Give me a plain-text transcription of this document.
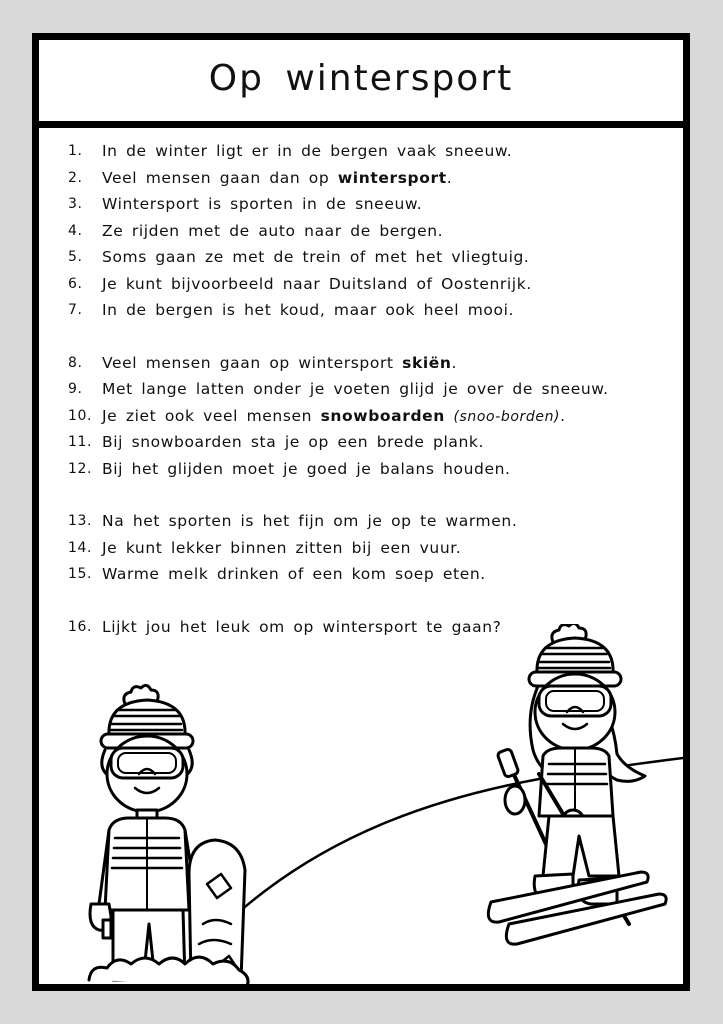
Op wintersport
1.	In de winter ligt er in de bergen vaak sneeuw.
2.	Veel mensen gaan dan op wintersport.
3.	Wintersport is sporten in de sneeuw.
4.	Ze rijden met de auto naar de bergen.
5.	Soms gaan ze met de trein of met het vliegtuig.
6.	Je kunt bijvoorbeeld naar Duitsland of Oostenrijk.
7.	In de bergen is het koud, maar ook heel mooi.
8.	Veel mensen gaan op wintersport skiën.
9.	Met lange latten onder je voeten glijd je over de sneeuw.
10. Je ziet ook veel mensen snowboarden (snoo-borden).
11. Bij snowboarden sta je op een brede plank.
12. Bij het glijden moet je goed je balans houden.
13. Na het sporten is het fijn om je op te warmen.
14. Je kunt lekker binnen zitten bij een vuur.
15. Warme melk drinken of een kom soep eten.
16. Lijkt jou het leuk om op wintersport te gaan?
